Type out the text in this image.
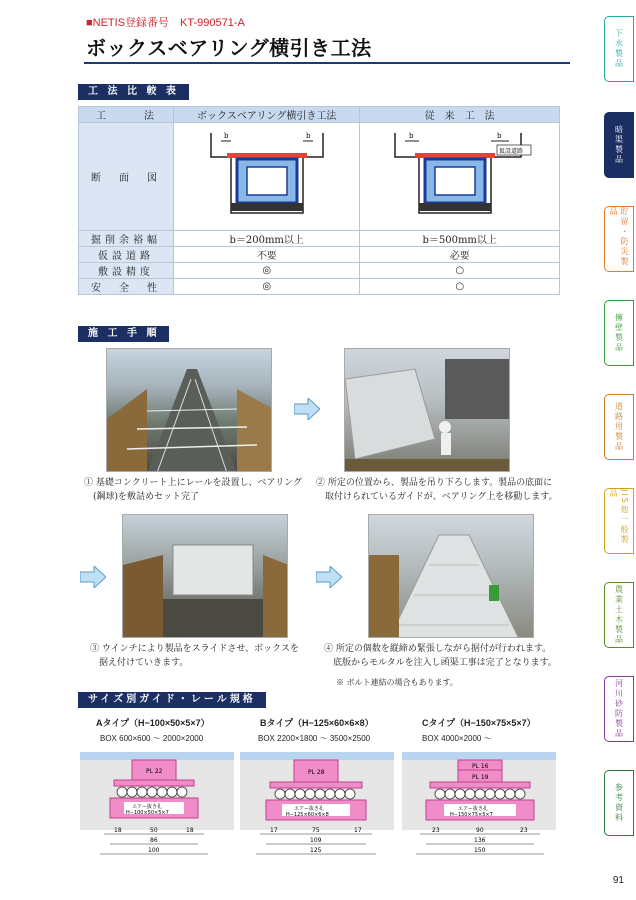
■NETIS登録番号　KT-990571-A
ボックスベアリング横引き工法
工 法 比 較 表
工　　　法	ボックスベアリング横引き工法	従　来　工　法
断　面　図	b b	b b
仮設道路

掘削余裕幅	b＝200mm以上	b＝500mm以上
仮設道路	不要	必要
敷設精度	◎	○
安　全　性	◎	○
施 工 手 順
① 基礎コンクリート上にレールを設置し、ベアリング
　(鋼球)を敷詰めセット完了
② 所定の位置から、製品を吊り下ろします。製品の底面に
　取付けられているガイドが、ベアリング上を移動します。
③ ウインチにより製品をスライドさせ、ボックスを
　据え付けていきます。
④ 所定の個数を縦締め緊張しながら据付が行われます。
　底版からモルタルを注入し函渠工事は完了となります。
※ ボルト連結の場合もあります。
サイズ別ガイド・レール規格
Aタイプ（H−100×50×5×7）
BOX 600×600 〜 2000×2000
Bタイプ（H−125×60×6×8）
BOX 2200×1800 〜 3500×2500
Cタイプ（H−150×75×5×7）
BOX 4000×2000 〜
PL 22
エアー抜き孔
H−100×50×5×7
18	50	18
86
100
PL 28
エアー抜き孔
H−125×60×6×8
17	75	17
109
125
PL 16
PL 19
エアー抜き孔
H−150×75×5×7
23	90	23
136
150
下水製品
暗渠製品
貯留・防災製品
擁壁製品
道路用製品
JIS他一般製品
農業土木製品
河川砂防製品
参考資料
91
